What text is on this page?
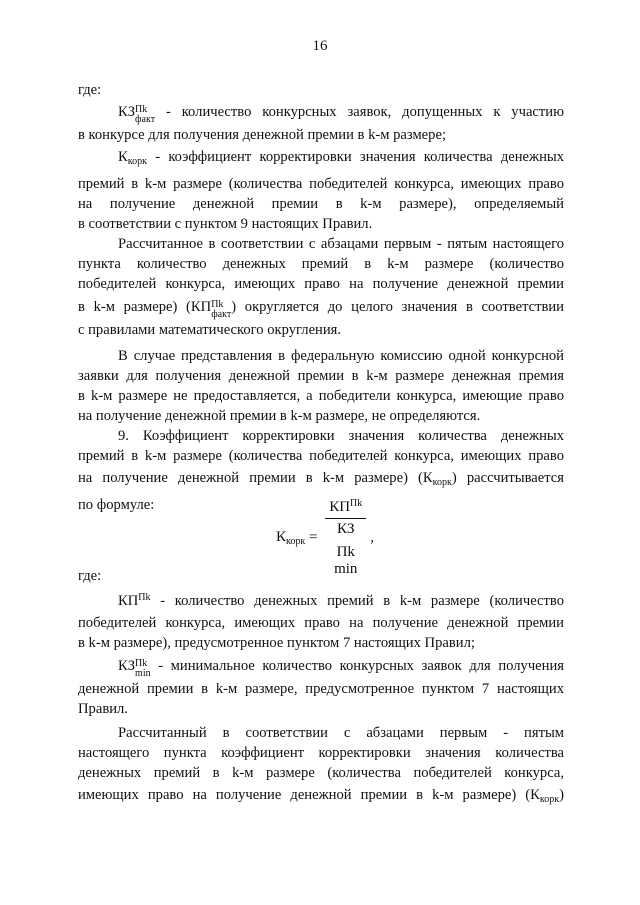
16

где:

КЗ Пk
факт - количество конкурсных заявок, допущенных к участию

в конкурсе для получения денежной премии в k-м размере;

$К_{корк}$ - коэффициент корректировки значения количества денежных

премий в k-м размере (количества победителей конкурса, имеющих право

на получение денежной премии в k-м размере), определяемый

в соответствии с пунктом 9 настоящих Правил.

Рассчитанное в соответствии с абзацами первым - пятым настоящего

пункта количество денежных премий в k-м размере (количество

победителей конкурса, имеющих право на получение денежной премии

в k-м размере) (КП Пk
факт ) округляется до целого значения в соответствии

с правилами математического округления.

В случае представления в федеральную комиссию одной конкурсной

заявки для получения денежной премии в k-м размере денежная премия

в k-м размере не предоставляется, а победители конкурса, имеющие право

на получение денежной премии в k-м размере, не определяются.

9. Коэффициент корректировки значения количества денежных

премий в k-м размере (количества победителей конкурса, имеющих право

на получение денежной премии в k-м размере) $(К_{корк})$ рассчитывается

по формуле:

$К_{корк} = КП^{Пk}$
КЗ
Пk
min ,

где:

$КП^{Пk}$ - количество денежных премий в k-м размере (количество

победителей конкурса, имеющих право на получение денежной премии

в k-м размере), предусмотренное пунктом 7 настоящих Правил;

КЗ Пk
min - минимальное количество конкурсных заявок для получения

денежной премии в k-м размере, предусмотренное пунктом 7 настоящих

Правил.

Рассчитанный в соответствии с абзацами первым - пятым

настоящего пункта коэффициент корректировки значения количества

денежных премий в k-м размере (количества победителей конкурса,

имеющих право на получение денежной премии в k-м размере) $(К_{корк})$
